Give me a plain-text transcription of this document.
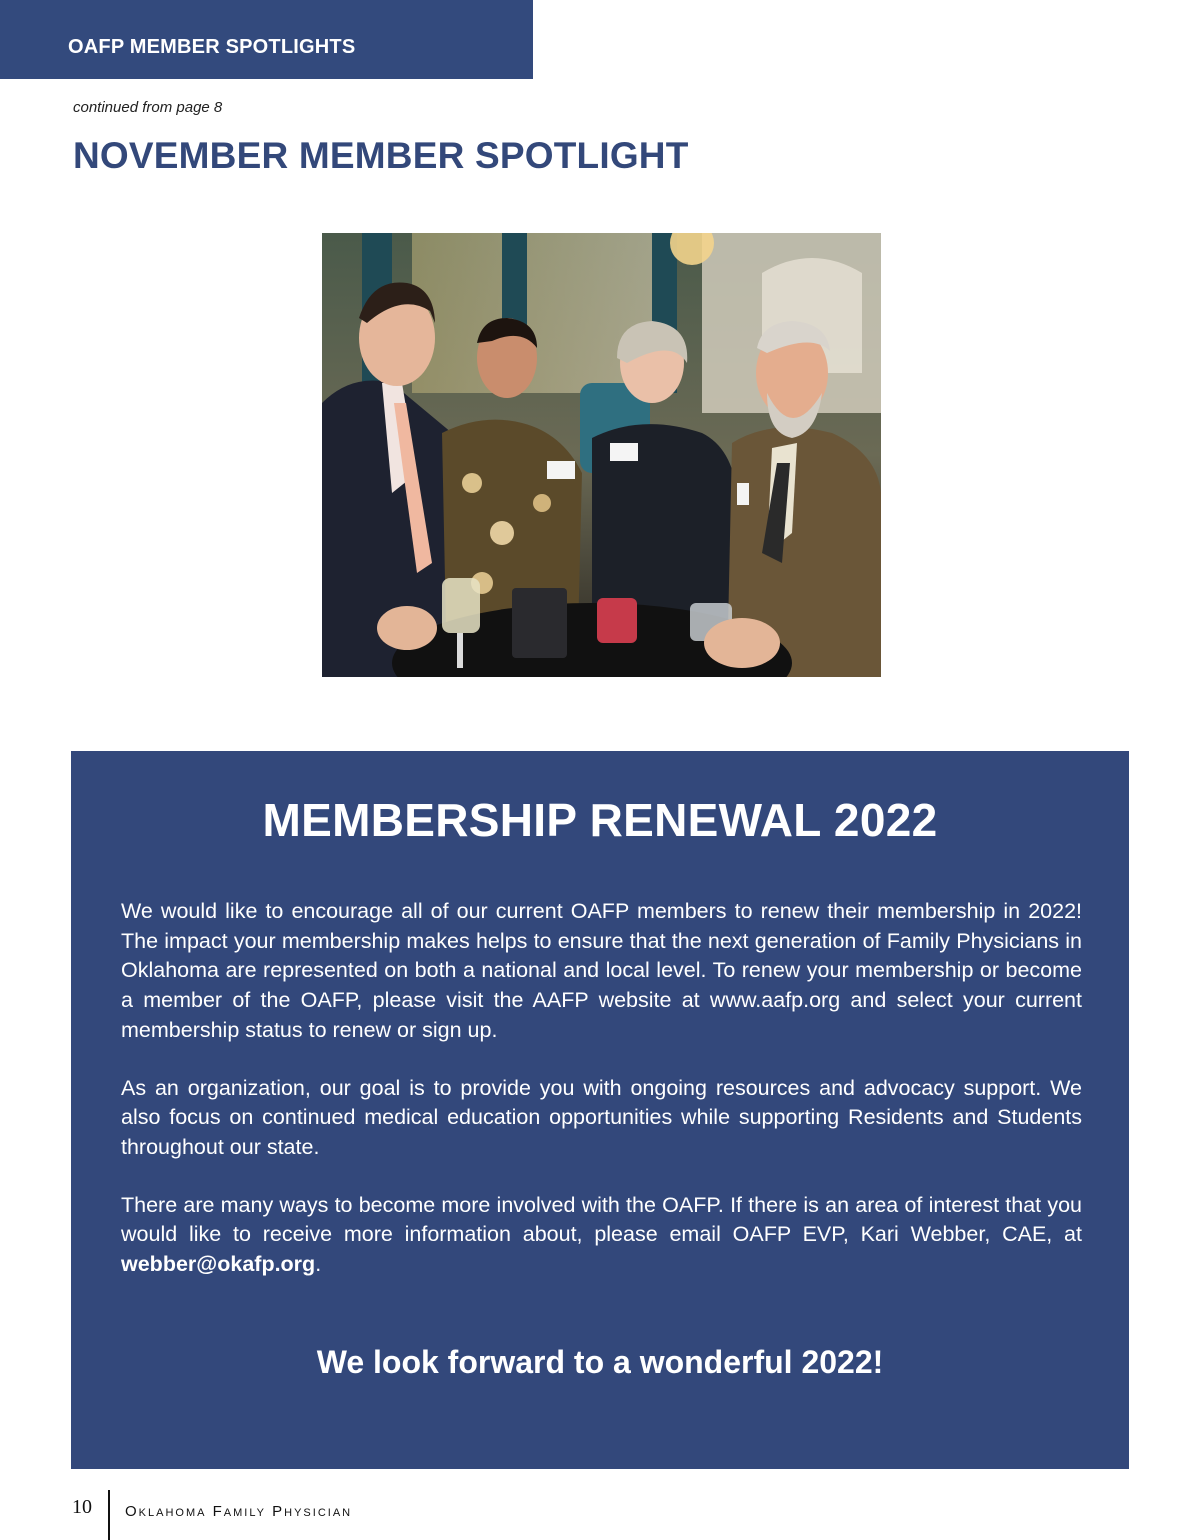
OAFP MEMBER SPOTLIGHTS
continued from page 8
NOVEMBER MEMBER SPOTLIGHT
MEMBERSHIP RENEWAL 2022

We would like to encourage all of our current OAFP members to renew their membership in 2022! The impact your membership makes helps to ensure that the next generation of Family Physicians in Oklahoma are represented on both a national and local level. To renew your membership or become a member of the OAFP, please visit the AAFP website at www.aafp.org and select your current membership status to renew or sign up.

As an organization, our goal is to provide you with ongoing resources and advocacy support. We also focus on continued medical education opportunities while supporting Residents and Students throughout our state.

There are many ways to become more involved with the OAFP. If there is an area of interest that you would like to receive more information about, please email OAFP EVP, Kari Webber, CAE, at webber@okafp.org.

We look forward to a wonderful 2022!
10 Oklahoma Family Physician
